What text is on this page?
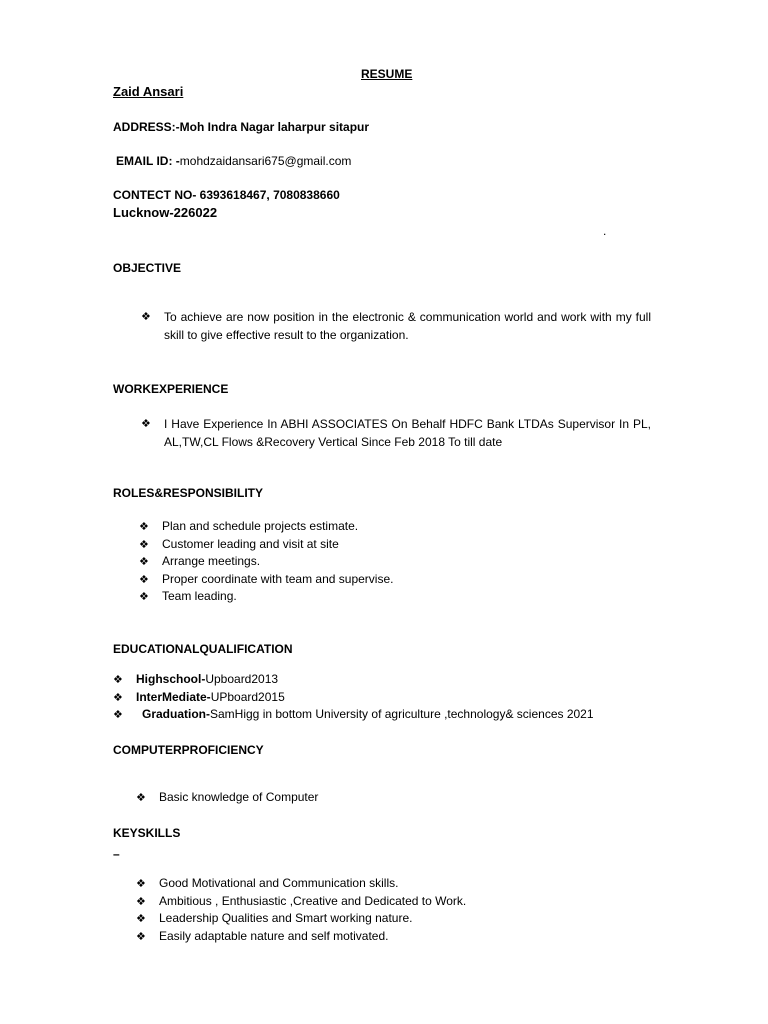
RESUME
Zaid Ansari
ADDRESS:-Moh Indra Nagar laharpur sitapur
EMAIL ID: -mohdzaidansari675@gmail.com
CONTECT NO- 6393618467, 7080838660
Lucknow-226022
.
OBJECTIVE
❖	To achieve are now position in the electronic & communication world and work with my full skill to give effective result to the organization.
WORKEXPERIENCE
❖	I Have Experience In ABHI ASSOCIATES On Behalf HDFC Bank LTDAs Supervisor In PL, AL,TW,CL Flows &Recovery Vertical Since Feb 2018 To till date
ROLES&RESPONSIBILITY
❖ Plan and schedule projects estimate.
❖ Customer leading and visit at site
❖ Arrange meetings.
❖ Proper coordinate with team and supervise.
❖ Team leading.
EDUCATIONALQUALIFICATION
❖ Highschool-Upboard2013
❖ InterMediate-UPboard2015
❖ Graduation-SamHigg in bottom University of agriculture ,technology& sciences 2021
COMPUTERPROFICIENCY
❖ Basic knowledge of Computer
KEYSKILLS
–
❖ Good Motivational and Communication skills.
❖ Ambitious , Enthusiastic ,Creative and Dedicated to Work.
❖ Leadership Qualities and Smart working nature.
❖ Easily adaptable nature and self motivated.
